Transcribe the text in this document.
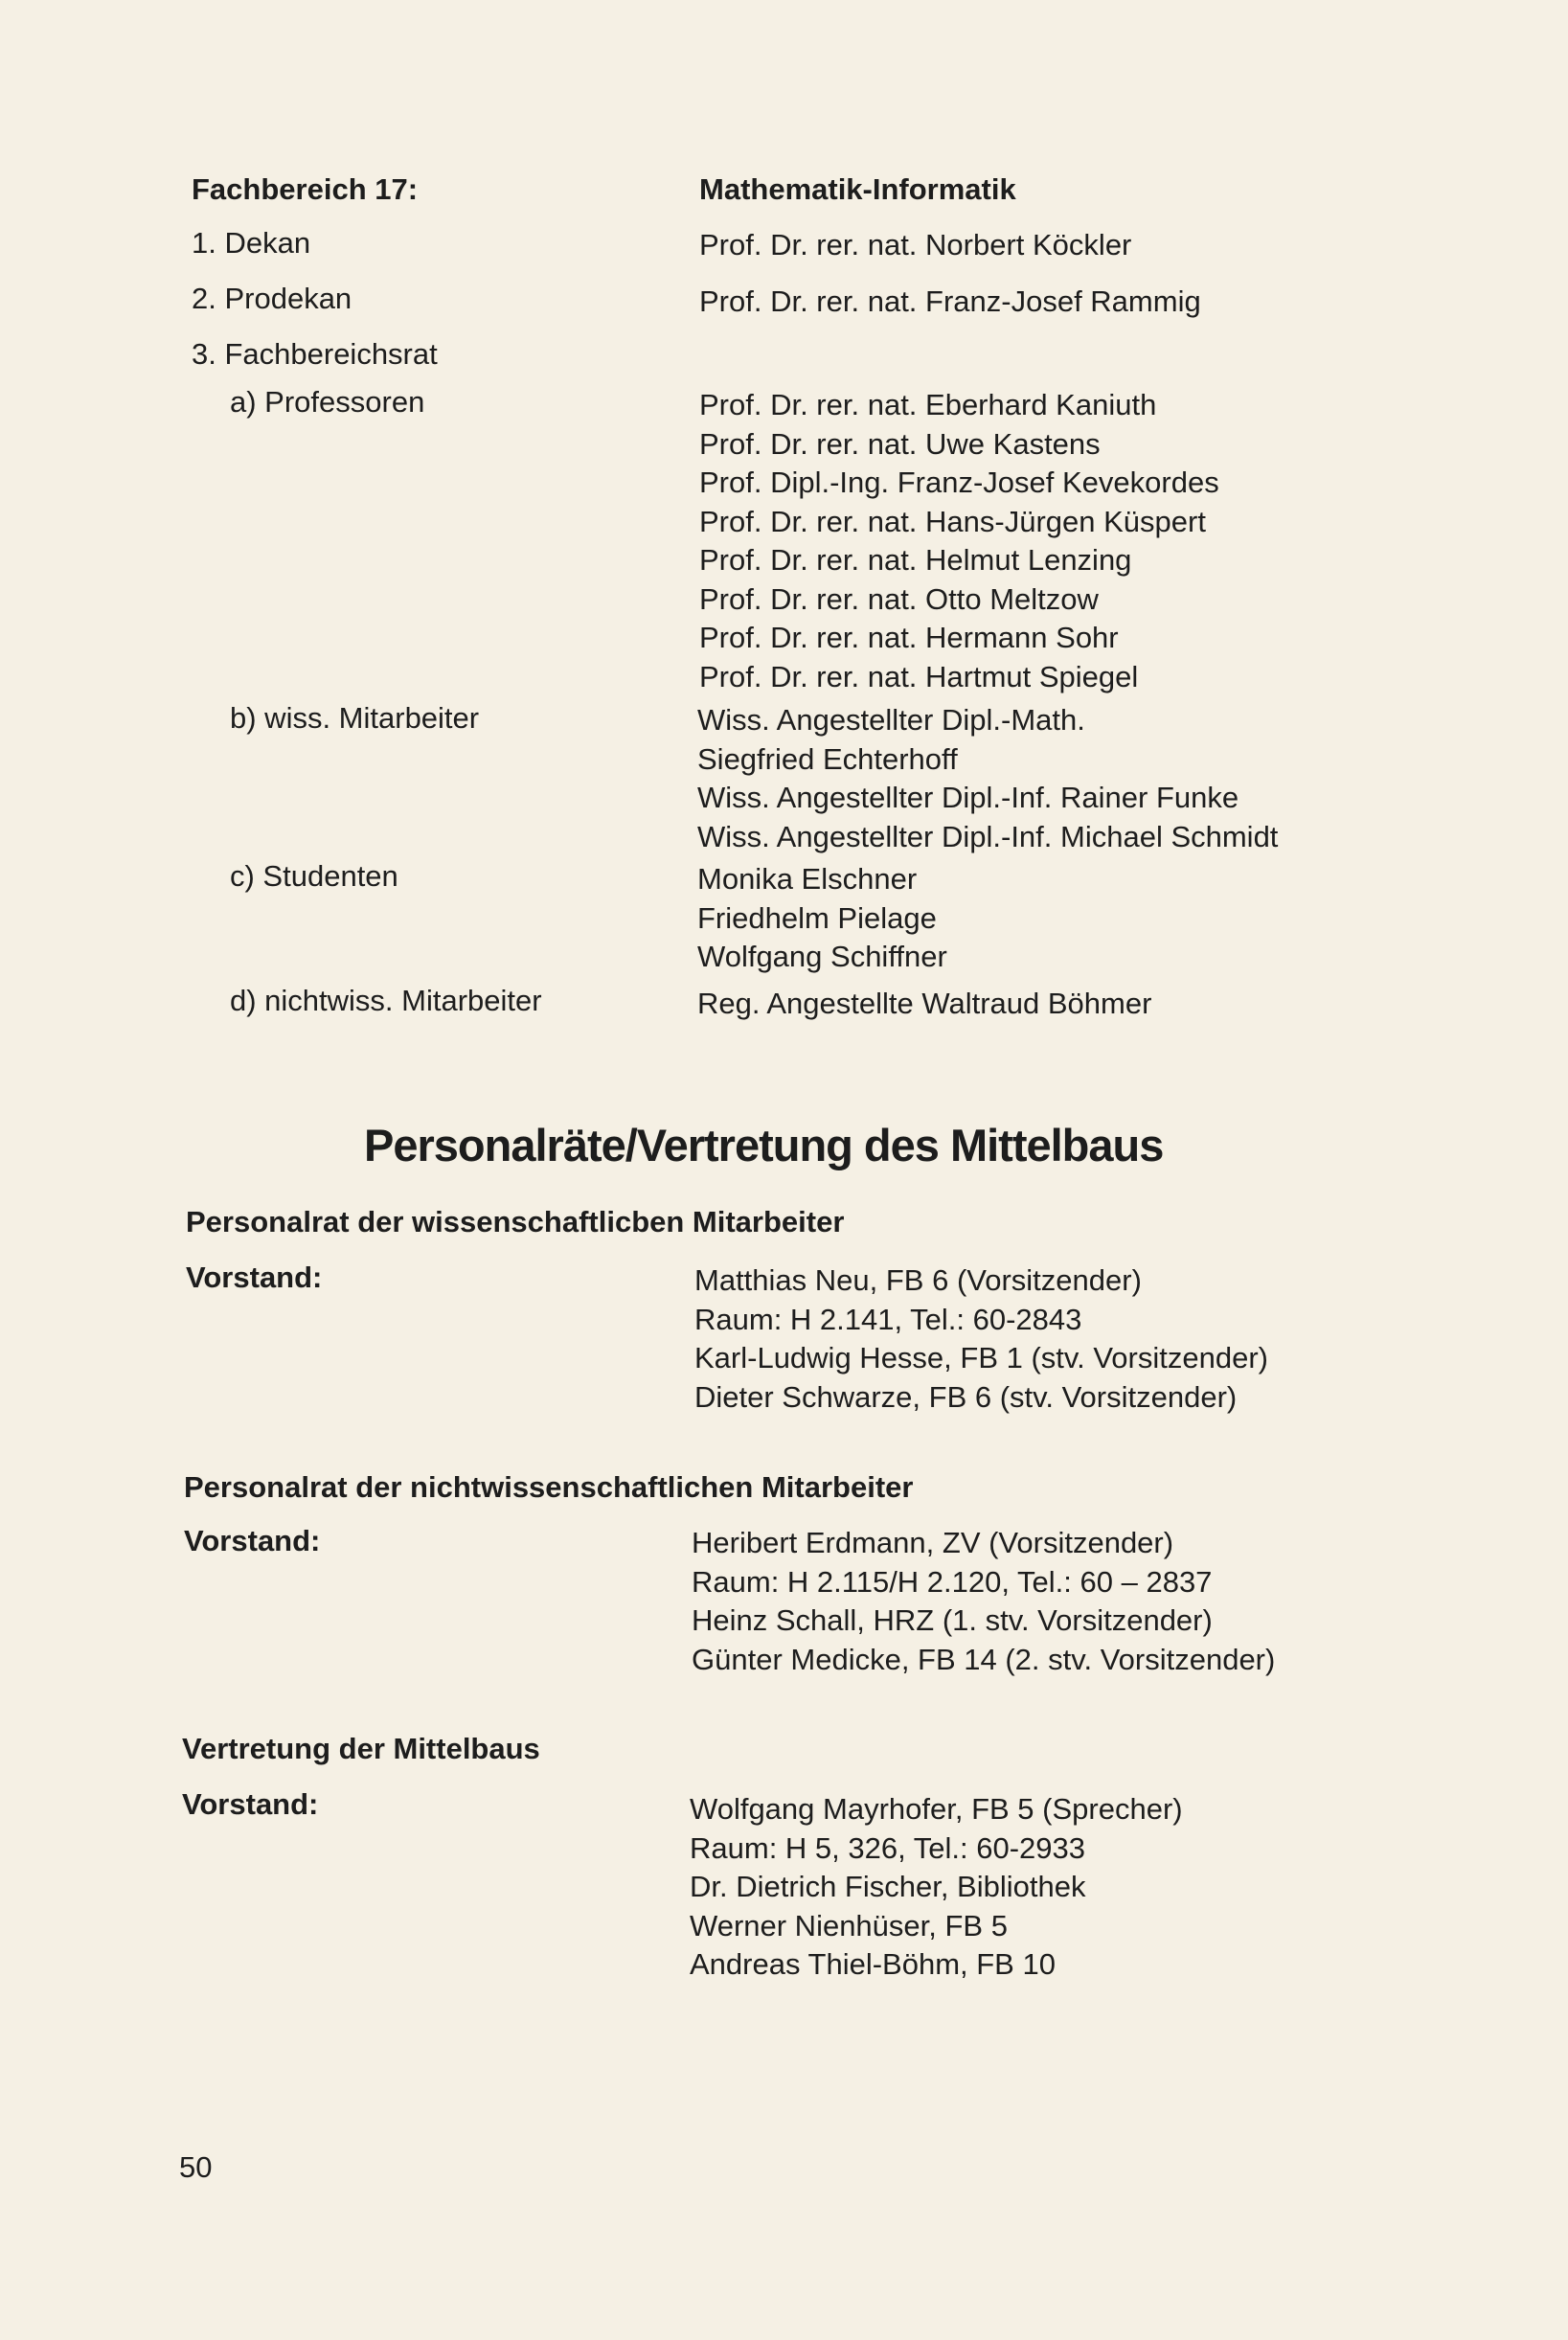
Fachbereich 17:	Mathematik-Informatik
1. Dekan	Prof. Dr. rer. nat. Norbert Köckler
2. Prodekan	Prof. Dr. rer. nat. Franz-Josef Rammig
3. Fachbereichsrat
a) Professoren	Prof. Dr. rer. nat. Eberhard Kaniuth
Prof. Dr. rer. nat. Uwe Kastens
Prof. Dipl.-Ing. Franz-Josef Kevekordes
Prof. Dr. rer. nat. Hans-Jürgen Küspert
Prof. Dr. rer. nat. Helmut Lenzing
Prof. Dr. rer. nat. Otto Meltzow
Prof. Dr. rer. nat. Hermann Sohr
Prof. Dr. rer. nat. Hartmut Spiegel
b) wiss. Mitarbeiter	Wiss. Angestellter Dipl.-Math.
Siegfried Echterhoff
Wiss. Angestellter Dipl.-Inf. Rainer Funke
Wiss. Angestellter Dipl.-Inf. Michael Schmidt
c) Studenten	Monika Elschner
Friedhelm Pielage
Wolfgang Schiffner
d) nichtwiss. Mitarbeiter	Reg. Angestellte Waltraud Böhmer
Personalräte/Vertretung des Mittelbaus
Personalrat der wissenschaftlicben Mitarbeiter
Vorstand:	Matthias Neu, FB 6 (Vorsitzender)
Raum: H 2.141, Tel.: 60-2843
Karl-Ludwig Hesse, FB 1 (stv. Vorsitzender)
Dieter Schwarze, FB 6 (stv. Vorsitzender)
Personalrat der nichtwissenschaftlichen Mitarbeiter
Vorstand:	Heribert Erdmann, ZV (Vorsitzender)
Raum: H 2.115/H 2.120, Tel.: 60 – 2837
Heinz Schall, HRZ (1. stv. Vorsitzender)
Günter Medicke, FB 14 (2. stv. Vorsitzender)
Vertretung der Mittelbaus
Vorstand:	Wolfgang Mayrhofer, FB 5 (Sprecher)
Raum: H 5, 326, Tel.: 60-2933
Dr. Dietrich Fischer, Bibliothek
Werner Nienhüser, FB 5
Andreas Thiel-Böhm, FB 10
50
